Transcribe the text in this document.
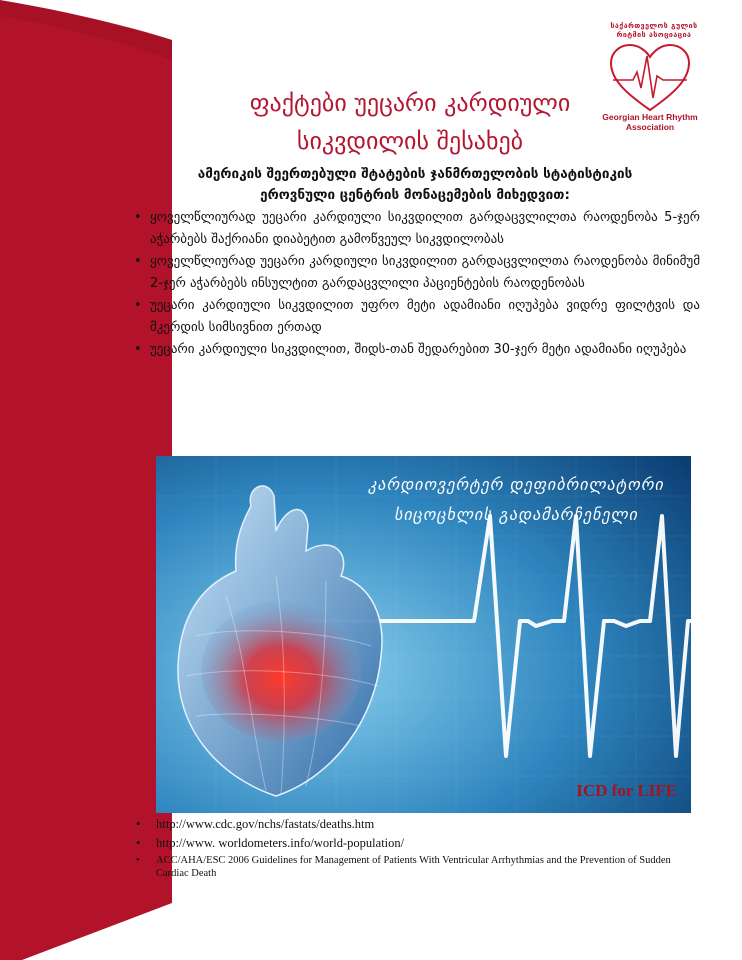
საქართველოს გულის რიტმის ასოციაცია
Georgian Heart Rhythm Association
ფაქტები უეცარი კარდიული
სიკვდილის შესახებ
ამერიკის შეერთებული შტატების ჯანმრთელობის სტატისტიკის
ეროვნული ცენტრის მონაცემების მიხედვით:
• ყოველწლიურად უეცარი კარდიული სიკვდილით გარდაცვლილთა რაოდენობა 5-ჯერ აჭარბებს შაქრიანი დიაბეტით გამოწვეულ სიკვდილობას
• ყოველწლიურად უეცარი კარდიული სიკვდილით გარდაცვლილთა რაოდენობა მინიმუმ 2-ჯერ აჭარბებს ინსულტით გარდაცვლილი პაციენტების რაოდენობას
• უეცარი კარდიული სიკვდილით უფრო მეტი ადამიანი იღუპება ვიდრე ფილტვის და მკერდის სიმსივნით ერთად
• უეცარი კარდიული სიკვდილით, შიდს-თან შედარებით 30-ჯერ მეტი ადამიანი იღუპება
კარდიოვერტერ დეფიბრილატორი
სიცოცხლის გადამარჩენელი
ICD for LIFE
• http://www.cdc.gov/nchs/fastats/deaths.htm
• http://www. worldometers.info/world-population/
• ACC/AHA/ESC 2006 Guidelines for Management of Patients With Ventricular Arrhythmias and the Prevention of Sudden Cardiac Death
